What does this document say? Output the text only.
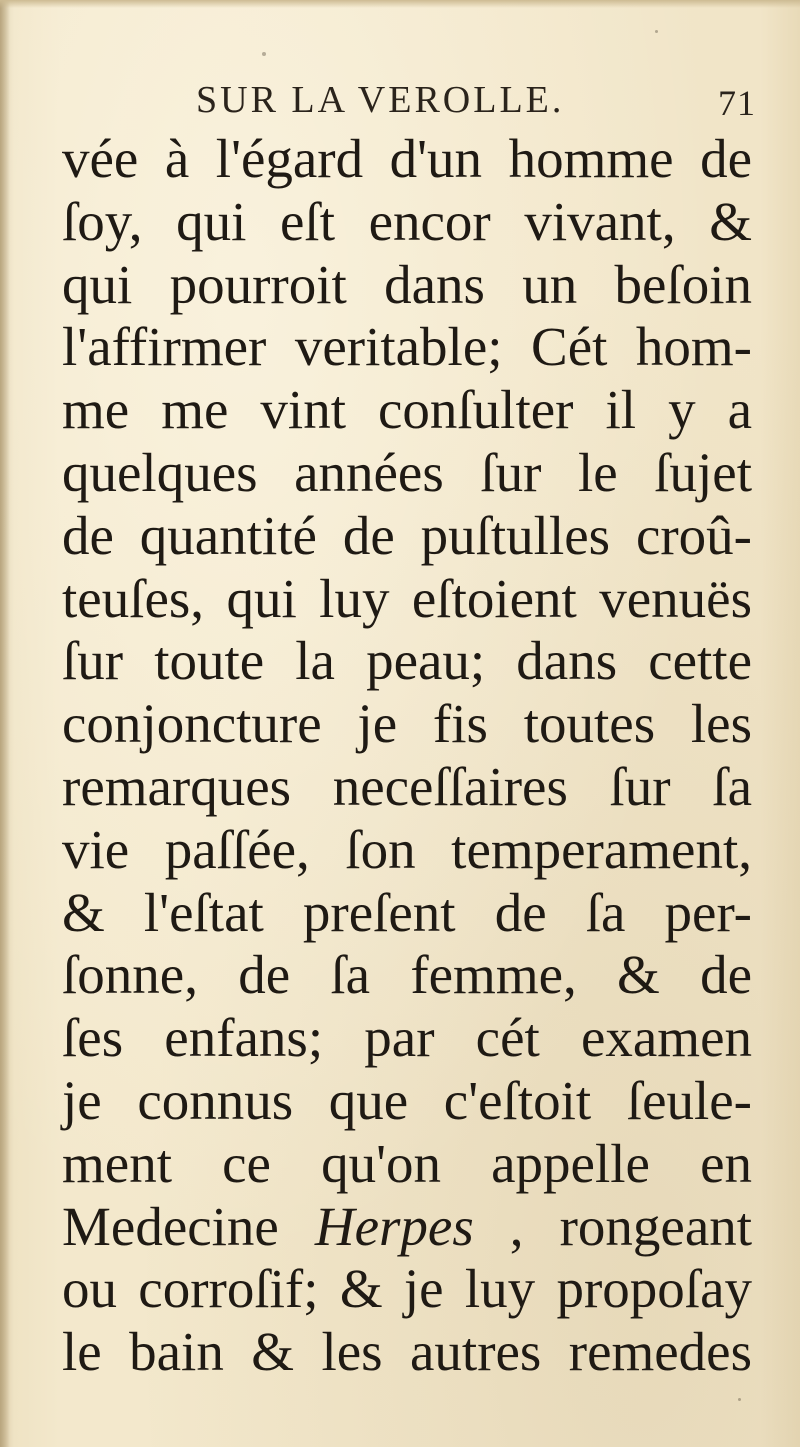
SUR LA VEROLLE.	71
vée à l'égard d'un homme de
ſoy, qui eſt encor vivant, &
qui pourroit dans un beſoin
l'affirmer veritable; Cét hom-
me me vint conſulter il y a
quelques années ſur le ſujet
de quantité de puſtulles croû-
teuſes, qui luy eſtoient venuës
ſur toute la peau; dans cette
conjoncture je fis toutes les
remarques neceſſaires ſur ſa
vie paſſée, ſon temperament,
& l'eſtat preſent de ſa per-
ſonne, de ſa femme, & de
ſes enfans; par cét examen
je connus que c'eſtoit ſeule-
ment ce qu'on appelle en
Medecine Herpes , rongeant
ou corroſif; & je luy propoſay
le bain & les autres remedes
